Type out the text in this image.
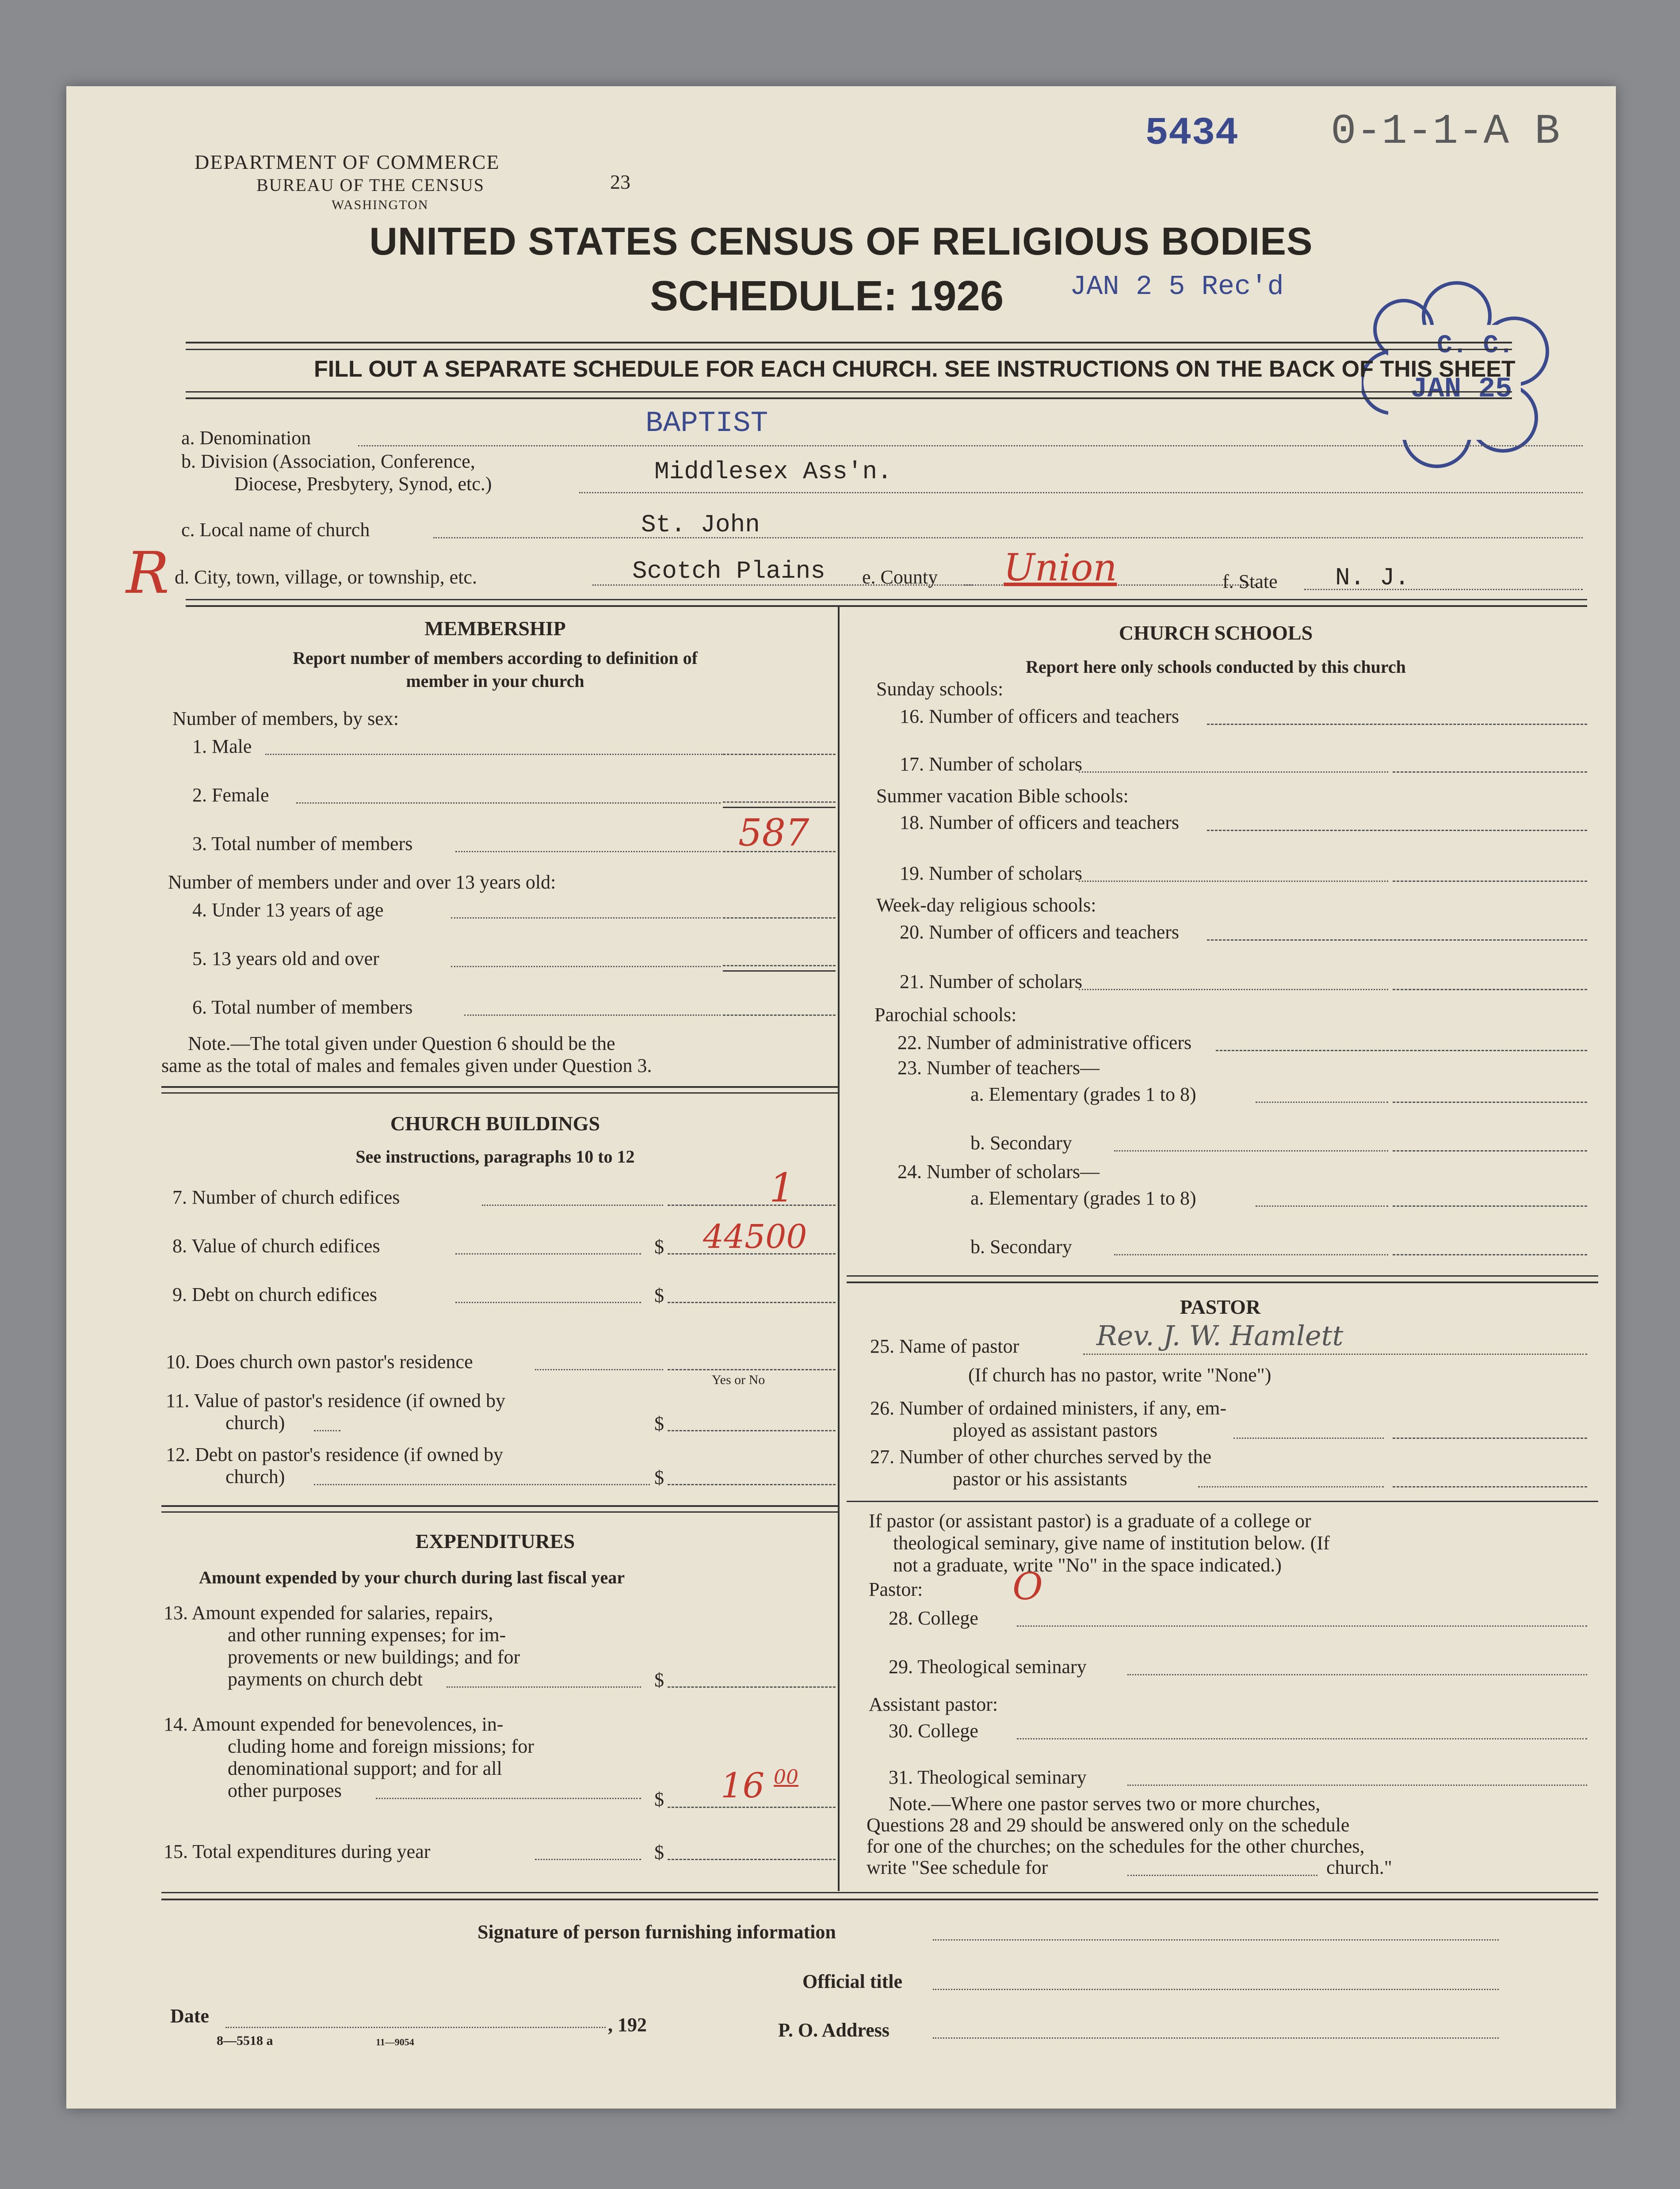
DEPARTMENT OF COMMERCE
BUREAU OF THE CENSUS
WASHINGTON
23
5434 0-1-1-A B
UNITED STATES CENSUS OF RELIGIOUS BODIES
SCHEDULE: 1926 JAN 2 5 Rec'd
C. C.
JAN 25
FILL OUT A SEPARATE SCHEDULE FOR EACH CHURCH. SEE INSTRUCTIONS ON THE BACK OF THIS SHEET
a. Denomination	BAPTIST
b. Division (Association, Conference,
Diocese, Presbytery, Synod, etc.)	Middlesex Ass'n.
c. Local name of church	St. John
R d. City, town, village, or township, etc.	Scotch Plains e. County Union	f. State N. J.
MEMBERSHIP
Report number of members according to definition of
member in your church
Number of members, by sex:
1. Male
2. Female
3. Total number of members	587
Number of members under and over 13 years old:
4. Under 13 years of age
5. 13 years old and over
6. Total number of members
Note.—The total given under Question 6 should be the
same as the total of males and females given under Question 3.
CHURCH BUILDINGS
See instructions, paragraphs 10 to 12
7. Number of church edifices	1
8. Value of church edifices	$ 44500
9. Debt on church edifices	$
10. Does church own pastor's residence
Yes or No
11. Value of pastor's residence (if owned by
church)	$
12. Debt on pastor's residence (if owned by
church)	$
EXPENDITURES
Amount expended by your church during last fiscal year
13. Amount expended for salaries, repairs,
and other running expenses; for im-
provements or new buildings; and for
payments on church debt	$
14. Amount expended for benevolences, in-
cluding home and foreign missions; for
denominational support; and for all
other purposes	$ 16 00
15. Total expenditures during year	$
CHURCH SCHOOLS
Report here only schools conducted by this church
Sunday schools:
16. Number of officers and teachers
17. Number of scholars
Summer vacation Bible schools:
18. Number of officers and teachers
19. Number of scholars
Week-day religious schools:
20. Number of officers and teachers
21. Number of scholars
Parochial schools:
22. Number of administrative officers
23. Number of teachers—
a. Elementary (grades 1 to 8)
b. Secondary
24. Number of scholars—
a. Elementary (grades 1 to 8)
b. Secondary
PASTOR
25. Name of pastor	Rev. J. W. Hamlett
(If church has no pastor, write "None")
26. Number of ordained ministers, if any, em-
ployed as assistant pastors
27. Number of other churches served by the
pastor or his assistants
If pastor (or assistant pastor) is a graduate of a college or
theological seminary, give name of institution below. (If
not a graduate, write "No" in the space indicated.)
Pastor: O
28. College
29. Theological seminary
Assistant pastor:
30. College
31. Theological seminary
Note.—Where one pastor serves two or more churches,
Questions 28 and 29 should be answered only on the schedule
for one of the churches; on the schedules for the other churches,
write "See schedule for	church."
Signature of person furnishing information
Official title
Date	, 192	P. O. Address
8—5518 a	11—9054
